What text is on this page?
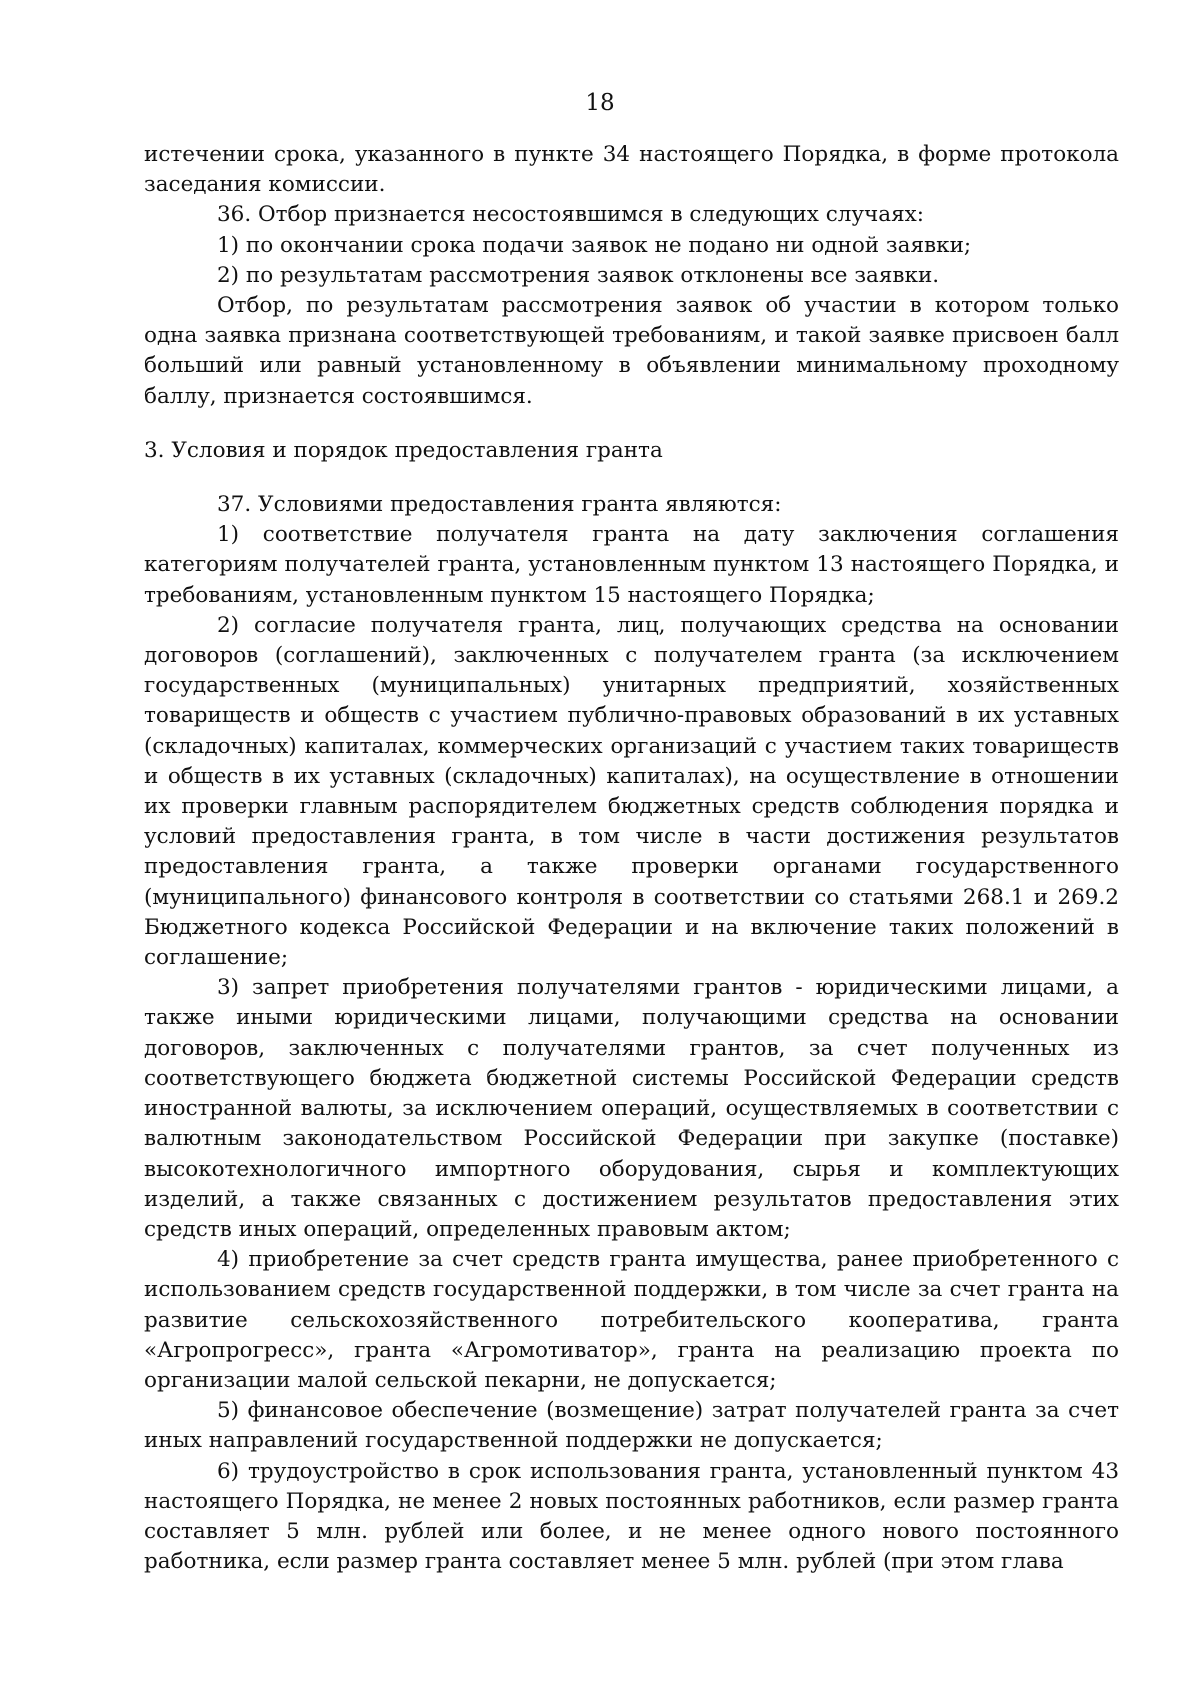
18

истечении срока, указанного в пункте 34 настоящего Порядка, в форме протокола заседания комиссии.

36. Отбор признается несостоявшимся в следующих случаях:

1) по окончании срока подачи заявок не подано ни одной заявки;

2) по результатам рассмотрения заявок отклонены все заявки.

Отбор, по результатам рассмотрения заявок об участии в котором только одна заявка признана соответствующей требованиям, и такой заявке присвоен балл больший или равный установленному в объявлении минимальному проходному баллу, признается состоявшимся.

3. Условия и порядок предоставления гранта

37. Условиями предоставления гранта являются:

1) соответствие получателя гранта на дату заключения соглашения категориям получателей гранта, установленным пунктом 13 настоящего Порядка, и требованиям, установленным пунктом 15 настоящего Порядка;

2) согласие получателя гранта, лиц, получающих средства на основании договоров (соглашений), заключенных с получателем гранта (за исключением государственных (муниципальных) унитарных предприятий, хозяйственных товариществ и обществ с участием публично-правовых образований в их уставных (складочных) капиталах, коммерческих организаций с участием таких товариществ и обществ в их уставных (складочных) капиталах), на осуществление в отношении их проверки главным распорядителем бюджетных средств соблюдения порядка и условий предоставления гранта, в том числе в части достижения результатов предоставления гранта, а также проверки органами государственного (муниципального) финансового контроля в соответствии со статьями 268.1 и 269.2 Бюджетного кодекса Российской Федерации и на включение таких положений в соглашение;

3) запрет приобретения получателями грантов - юридическими лицами, а также иными юридическими лицами, получающими средства на основании договоров, заключенных с получателями грантов, за счет полученных из соответствующего бюджета бюджетной системы Российской Федерации средств иностранной валюты, за исключением операций, осуществляемых в соответствии с валютным законодательством Российской Федерации при закупке (поставке) высокотехнологичного импортного оборудования, сырья и комплектующих изделий, а также связанных с достижением результатов предоставления этих средств иных операций, определенных правовым актом;

4) приобретение за счет средств гранта имущества, ранее приобретенного с использованием средств государственной поддержки, в том числе за счет гранта на развитие сельскохозяйственного потребительского кооператива, гранта «Агропрогресс», гранта «Агромотиватор», гранта на реализацию проекта по организации малой сельской пекарни, не допускается;

5) финансовое обеспечение (возмещение) затрат получателей гранта за счет иных направлений государственной поддержки не допускается;

6) трудоустройство в срок использования гранта, установленный пунктом 43 настоящего Порядка, не менее 2 новых постоянных работников, если размер гранта составляет 5 млн. рублей или более, и не менее одного нового постоянного работника, если размер гранта составляет менее 5 млн. рублей (при этом глава
